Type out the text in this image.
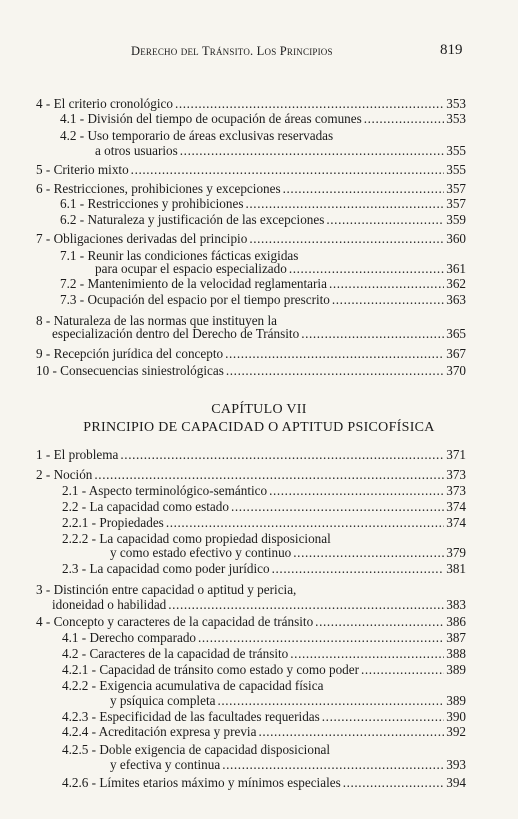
Derecho del Tránsito. Los Principios	819
4 - El criterio cronológico .....	353
4.1 - División del tiempo de ocupación de áreas comunes .....	353
4.2 - Uso temporario de áreas exclusivas reservadas
a otros usuarios .....	355
5 - Criterio mixto .....	355
6 - Restricciones, prohibiciones y excepciones .....	357
6.1 - Restricciones y prohibiciones .....	357
6.2 - Naturaleza y justificación de las excepciones .....	359
7 - Obligaciones derivadas del principio .....	360
7.1 - Reunir las condiciones fácticas exigidas
para ocupar el espacio especializado .....	361
7.2 - Mantenimiento de la velocidad reglamentaria .....	362
7.3 - Ocupación del espacio por el tiempo prescrito .....	363
8 - Naturaleza de las normas que instituyen la
especialización dentro del Derecho de Tránsito .....	365
9 - Recepción jurídica del concepto .....	367
10 - Consecuencias siniestrológicas .....	370
CAPÍTULO VII
PRINCIPIO DE CAPACIDAD O APTITUD PSICOFÍSICA
1 - El problema .....	371
2 - Noción .....	373
2.1 - Aspecto terminológico-semántico .....	373
2.2 - La capacidad como estado .....	374
2.2.1 - Propiedades .....	374
2.2.2 - La capacidad como propiedad disposicional
y como estado efectivo y continuo .....	379
2.3 - La capacidad como poder jurídico .....	381
3 - Distinción entre capacidad o aptitud y pericia,
idoneidad o habilidad .....	383
4 - Concepto y caracteres de la capacidad de tránsito .....	386
4.1 - Derecho comparado .....	387
4.2 - Caracteres de la capacidad de tránsito .....	388
4.2.1 - Capacidad de tránsito como estado y como poder .....	389
4.2.2 - Exigencia acumulativa de capacidad física
y psíquica completa .....	389
4.2.3 - Especificidad de las facultades requeridas .....	390
4.2.4 - Acreditación expresa y previa .....	392
4.2.5 - Doble exigencia de capacidad disposicional
y efectiva y continua .....	393
4.2.6 - Límites etarios máximo y mínimos especiales .....	394
